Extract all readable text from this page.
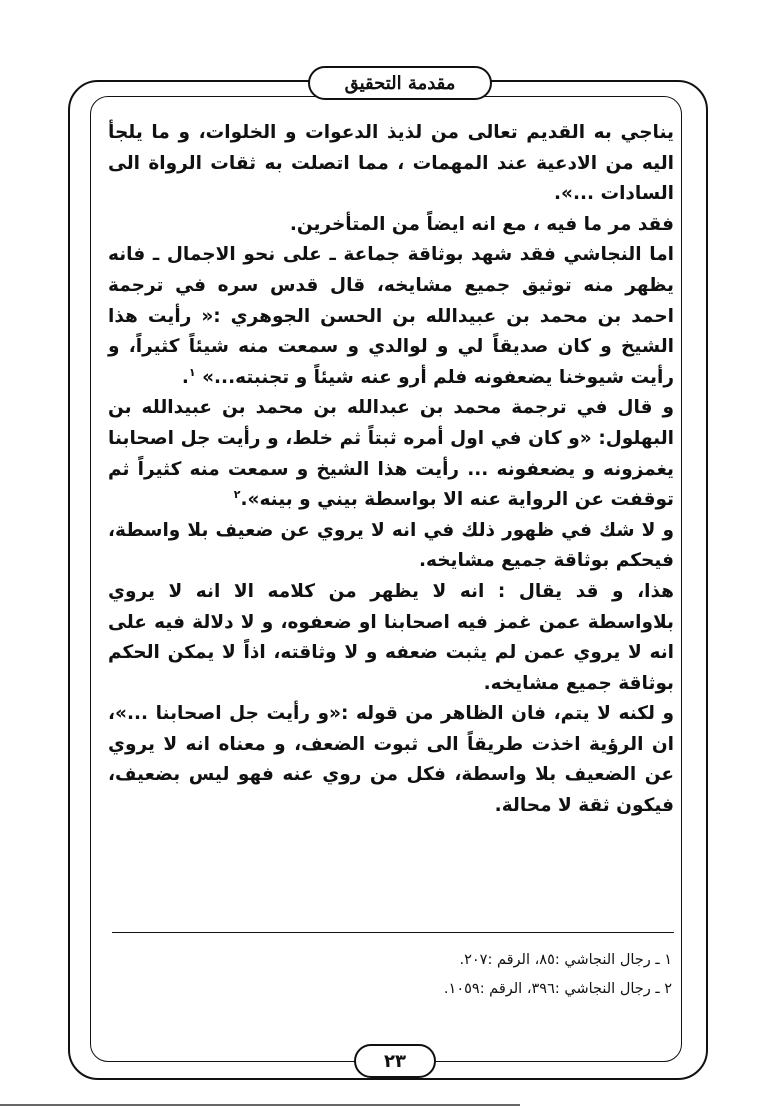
مقدمة التحقيق

يناجي به القديم تعالى من لذيذ الدعوات و الخلوات، و ما يلجأ اليه من الادعية عند المهمات ، مما اتصلت به ثقات الرواة الى السادات ...».

فقد مر ما فيه ، مع انه ايضاً من المتأخرين.

اما النجاشي فقد شهد بوثاقة جماعة ـ على نحو الاجمال ـ فانه يظهر منه توثيق جميع مشايخه، قال قدس سره في ترجمة احمد بن محمد بن عبيدالله بن الحسن الجوهري :« رأيت هذا الشيخ و كان صديقاً لي و لوالدي و سمعت منه شيئاً كثيراً، و رأيت شيوخنا يضعفونه فلم أرو عنه شيئاً و تجنبته...» $^١$.

و قال في ترجمة محمد بن عبدالله بن محمد بن عبيدالله بن البهلول: «و كان في اول أمره ثبتاً ثم خلط، و رأيت جل اصحابنا يغمزونه و يضعفونه ... رأيت هذا الشيخ و سمعت منه كثيراً ثم توقفت عن الرواية عنه الا بواسطة بيني و بينه».$^٢$

و لا شك في ظهور ذلك في انه لا يروي عن ضعيف بلا واسطة، فيحكم بوثاقة جميع مشايخه.

هذا، و قد يقال : انه لا يظهر من كلامه الا انه لا يروي بلاواسطة عمن غمز فيه اصحابنا او ضعفوه، و لا دلالة فيه على انه لا يروي عمن لم يثبت ضعفه و لا وثاقته، اذاً لا يمكن الحكم بوثاقة جميع مشايخه.

و لكنه لا يتم، فان الظاهر من قوله :«و رأيت جل اصحابنا ...»، ان الرؤية اخذت طريقاً الى ثبوت الضعف، و معناه انه لا يروي عن الضعيف بلا واسطة، فكل من روي عنه فهو ليس بضعيف، فيكون ثقة لا محالة.

١ ـ رجال النجاشي :٨٥، الرقم :٢٠٧.
٢ ـ رجال النجاشي :٣٩٦، الرقم :١٠٥٩.
٢٣
